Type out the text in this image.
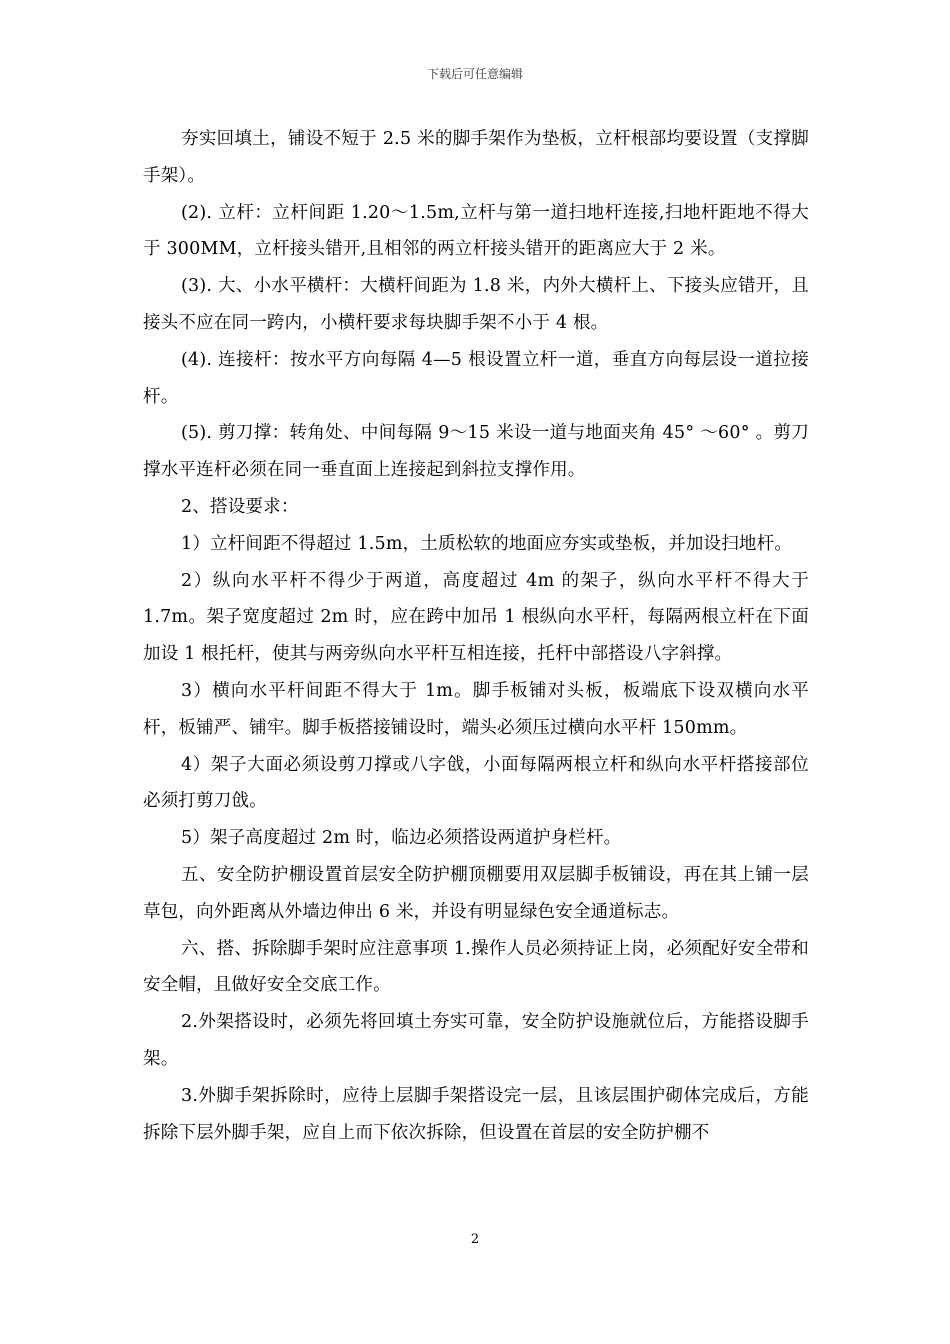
下载后可任意编辑

夯实回填土，铺设不短于 2.5 米的脚手架作为垫板，立杆根部均要设置（支撑脚手架）。

(2). 立杆：立杆间距 1.20～1.5m,立杆与第一道扫地杆连接,扫地杆距地不得大于 300MM，立杆接头错开,且相邻的两立杆接头错开的距离应大于 2 米。

(3). 大、小水平横杆：大横杆间距为 1.8 米，内外大横杆上、下接头应错开，且接头不应在同一跨内，小横杆要求每块脚手架不小于 4 根。

(4). 连接杆：按水平方向每隔 4—5 根设置立杆一道，垂直方向每层设一道拉接杆。

(5). 剪刀撑：转角处、中间每隔 9～15 米设一道与地面夹角 45° ～60° 。剪刀撑水平连杆必须在同一垂直面上连接起到斜拉支撑作用。

2、搭设要求：

1）立杆间距不得超过 1.5m，土质松软的地面应夯实或垫板，并加设扫地杆。

2）纵向水平杆不得少于两道，高度超过 4m 的架子，纵向水平杆不得大于 1.7m。架子宽度超过 2m 时，应在跨中加吊 1 根纵向水平杆，每隔两根立杆在下面加设 1 根托杆，使其与两旁纵向水平杆互相连接，托杆中部搭设八字斜撑。

3）横向水平杆间距不得大于 1m。脚手板铺对头板，板端底下设双横向水平杆，板铺严、铺牢。脚手板搭接铺设时，端头必须压过横向水平杆 150mm。

4）架子大面必须设剪刀撑或八字戗，小面每隔两根立杆和纵向水平杆搭接部位必须打剪刀戗。

5）架子高度超过 2m 时，临边必须搭设两道护身栏杆。

五、安全防护棚设置首层安全防护棚顶棚要用双层脚手板铺设，再在其上铺一层草包，向外距离从外墙边伸出 6 米，并设有明显绿色安全通道标志。

六、搭、拆除脚手架时应注意事项 1.操作人员必须持证上岗，必须配好安全带和安全帽，且做好安全交底工作。

2.外架搭设时，必须先将回填土夯实可靠，安全防护设施就位后，方能搭设脚手架。

3.外脚手架拆除时，应待上层脚手架搭设完一层，且该层围护砌体完成后，方能拆除下层外脚手架，应自上而下依次拆除，但设置在首层的安全防护棚不

2
